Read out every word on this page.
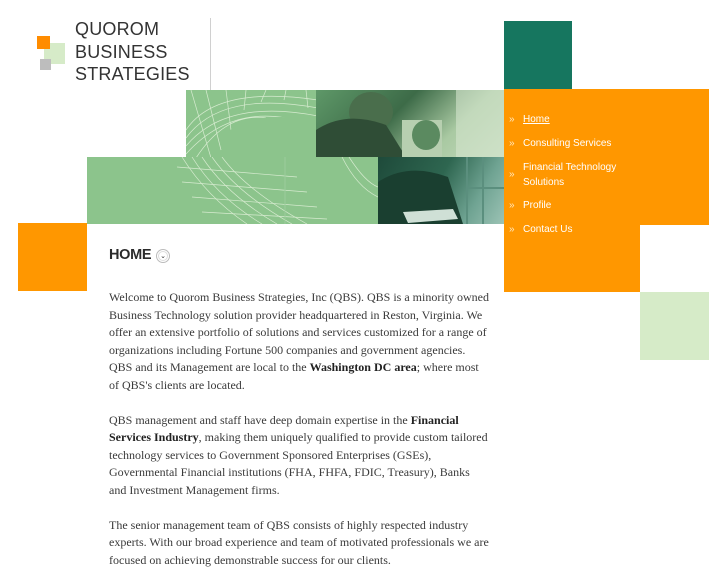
QUOROM
BUSINESS
STRATEGIES
» Home
» Consulting Services
»
Financial Technology Solutions
» Profile
» Contact Us
HOME ⌄

Welcome to Quorom Business Strategies, Inc (QBS). QBS is a minority owned Business Technology solution provider headquartered in Reston, Virginia. We offer an extensive portfolio of solutions and services customized for a range of organizations including Fortune 500 companies and government agencies. QBS and its Management are local to the Washington DC area; where most of QBS's clients are located.

QBS management and staff have deep domain expertise in the Financial Services Industry, making them uniquely qualified to provide custom tailored technology services to Government Sponsored Enterprises (GSEs), Governmental Financial institutions (FHA, FHFA, FDIC, Treasury), Banks and Investment Management firms.

The senior management team of QBS consists of highly respected industry experts. With our broad experience and team of motivated professionals we are focused on achieving demonstrable success for our clients.
